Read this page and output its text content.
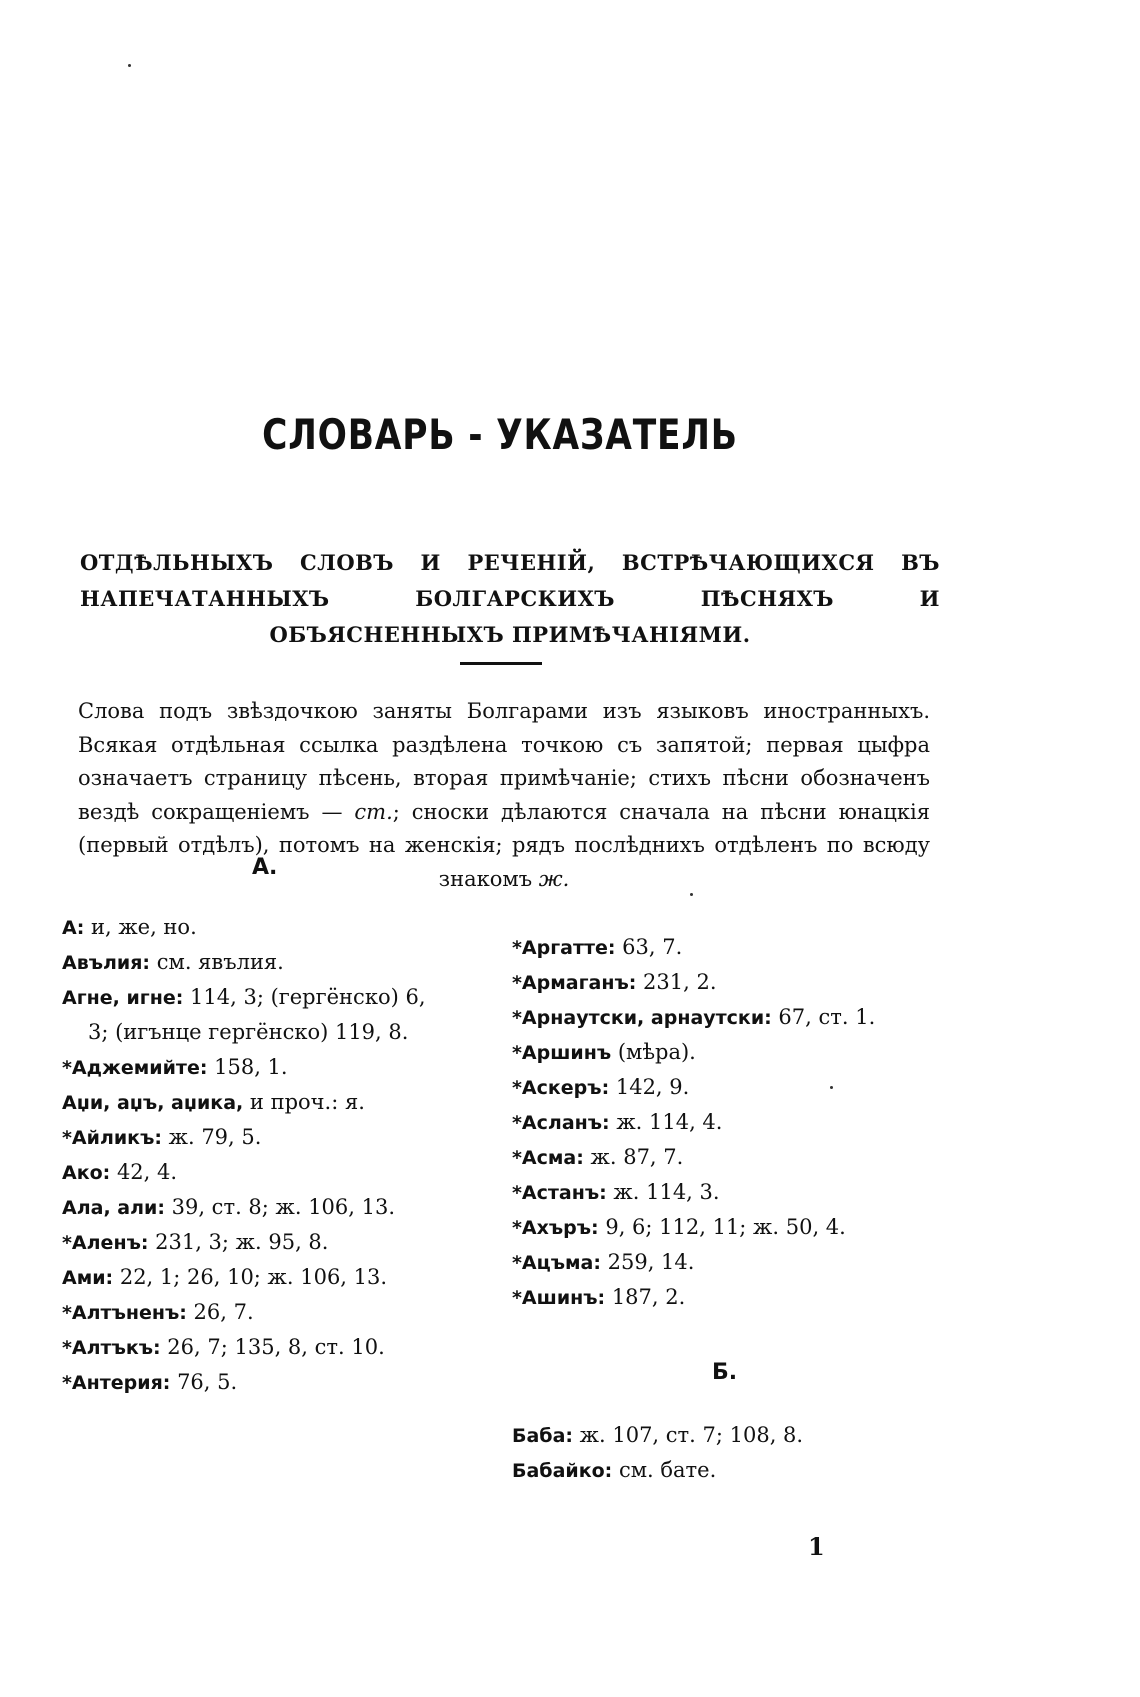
СЛОВАРЬ - УКАЗАТЕЛЬ
ОТДѢЛЬНЫХЪ СЛОВЪ И РЕЧЕНІЙ, ВСТРѢЧАЮЩИХСЯ ВЪ НАПЕЧАТАННЫХЪ БОЛГАРСКИХЪ ПѢСНЯХЪ И ОБЪЯСНЕННЫХЪ ПРИМѢЧАНІЯМИ.
Слова подъ звѣздочкою заняты Болгарами изъ языковъ иностранныхъ. Всякая отдѣльная ссылка раздѣлена точкою съ запятой; первая цыфра означаетъ страницу пѣсень, вторая примѣчаніе; стихъ пѣсни обозначенъ вездѣ сокращеніемъ — ст.; сноски дѣлаются сначала на пѣсни юнацкія (первый отдѣлъ), потомъ на женскія; рядъ послѣднихъ отдѣленъ по всюду знакомъ ж.
А.
А: и, же, но.
Авълия: см. явълия.
Агне, игне: 114, 3; (гергёнско) 6,
3; (игънце гергёнско) 119, 8.
*Аджемийте: 158, 1.
Аџи, аџъ, аџика, и проч.: я.
*Айликъ: ж. 79, 5.
Ако: 42, 4.
Ала, али: 39, ст. 8; ж. 106, 13.
*Аленъ: 231, 3; ж. 95, 8.
Ами: 22, 1; 26, 10; ж. 106, 13.
*Алтъненъ: 26, 7.
*Алтъкъ: 26, 7; 135, 8, ст. 10.
*Антерия: 76, 5.
*Аргатте: 63, 7.
*Армаганъ: 231, 2.
*Арнаутски, арнаутски: 67, ст. 1.
*Аршинъ (мѣра).
*Аскеръ: 142, 9.
*Асланъ: ж. 114, 4.
*Асма: ж. 87, 7.
*Астанъ: ж. 114, 3.
*Ахъръ: 9, 6; 112, 11; ж. 50, 4.
*Ацъма: 259, 14.
*Ашинъ: 187, 2.
Б.
Баба: ж. 107, ст. 7; 108, 8.
Бабайко: см. бате.
1
